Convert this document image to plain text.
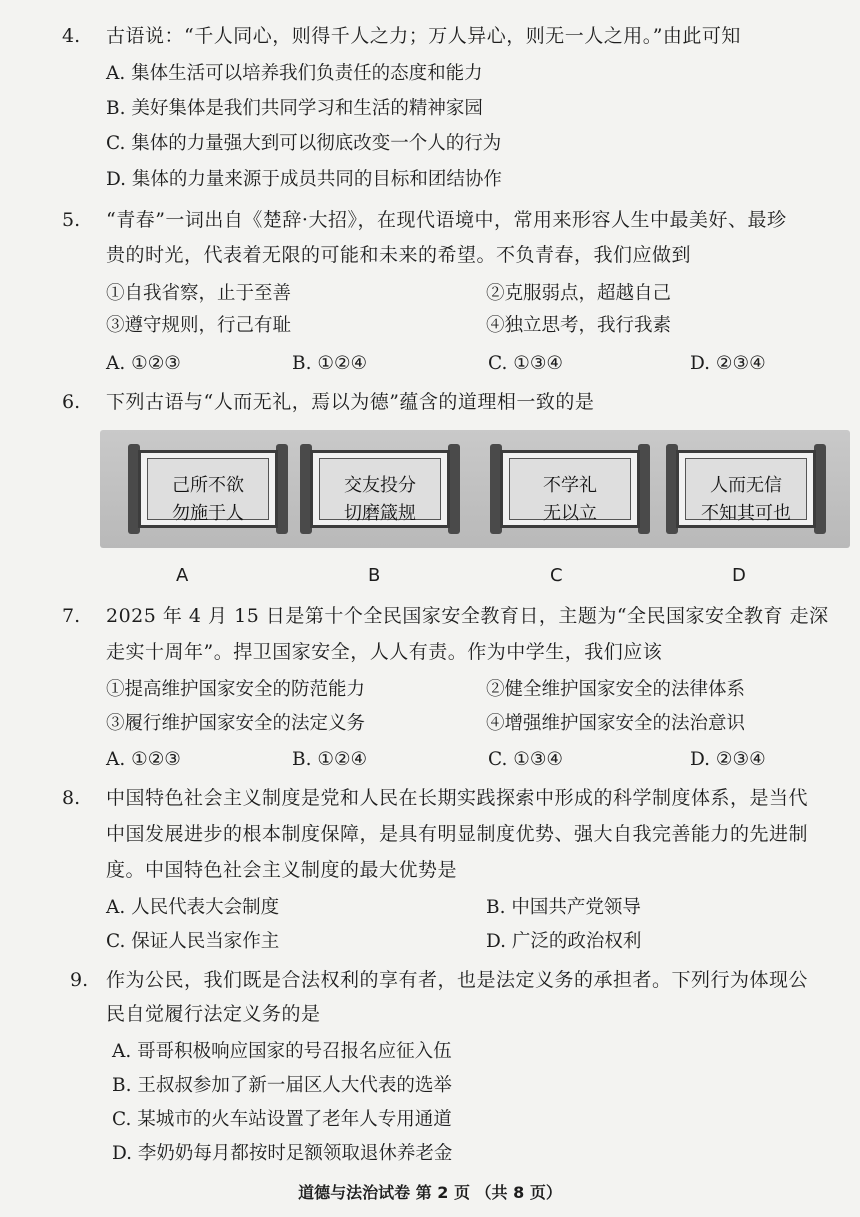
4. 古语说：“千人同心，则得千人之力；万人异心，则无一人之用。”由此可知
A. 集体生活可以培养我们负责任的态度和能力
B. 美好集体是我们共同学习和生活的精神家园
C. 集体的力量强大到可以彻底改变一个人的行为
D. 集体的力量来源于成员共同的目标和团结协作
5. “青春”一词出自《楚辞·大招》，在现代语境中，常用来形容人生中最美好、最珍
贵的时光，代表着无限的可能和未来的希望。不负青春，我们应做到
①自我省察，止于至善	②克服弱点，超越自己
③遵守规则，行己有耻	④独立思考，我行我素
A. ①②③	B. ①②④	C. ①③④	D. ②③④
6. 下列古语与“人而无礼，焉以为德”蕴含的道理相一致的是
己所不欲
勿施于人
交友投分
切磨箴规
不学礼
无以立
人而无信
不知其可也
A	B	C	D
7. 2025 年 4 月 15 日是第十个全民国家安全教育日，主题为“全民国家安全教育 走深
走实十周年”。捍卫国家安全，人人有责。作为中学生，我们应该
①提高维护国家安全的防范能力	②健全维护国家安全的法律体系
③履行维护国家安全的法定义务	④增强维护国家安全的法治意识
A. ①②③	B. ①②④	C. ①③④	D. ②③④
8. 中国特色社会主义制度是党和人民在长期实践探索中形成的科学制度体系，是当代
中国发展进步的根本制度保障，是具有明显制度优势、强大自我完善能力的先进制
度。中国特色社会主义制度的最大优势是
A. 人民代表大会制度	B. 中国共产党领导
C. 保证人民当家作主	D. 广泛的政治权利
9. 作为公民，我们既是合法权利的享有者，也是法定义务的承担者。下列行为体现公
民自觉履行法定义务的是
A. 哥哥积极响应国家的号召报名应征入伍
B. 王叔叔参加了新一届区人大代表的选举
C. 某城市的火车站设置了老年人专用通道
D. 李奶奶每月都按时足额领取退休养老金
道德与法治试卷 第 2 页 （共 8 页）
